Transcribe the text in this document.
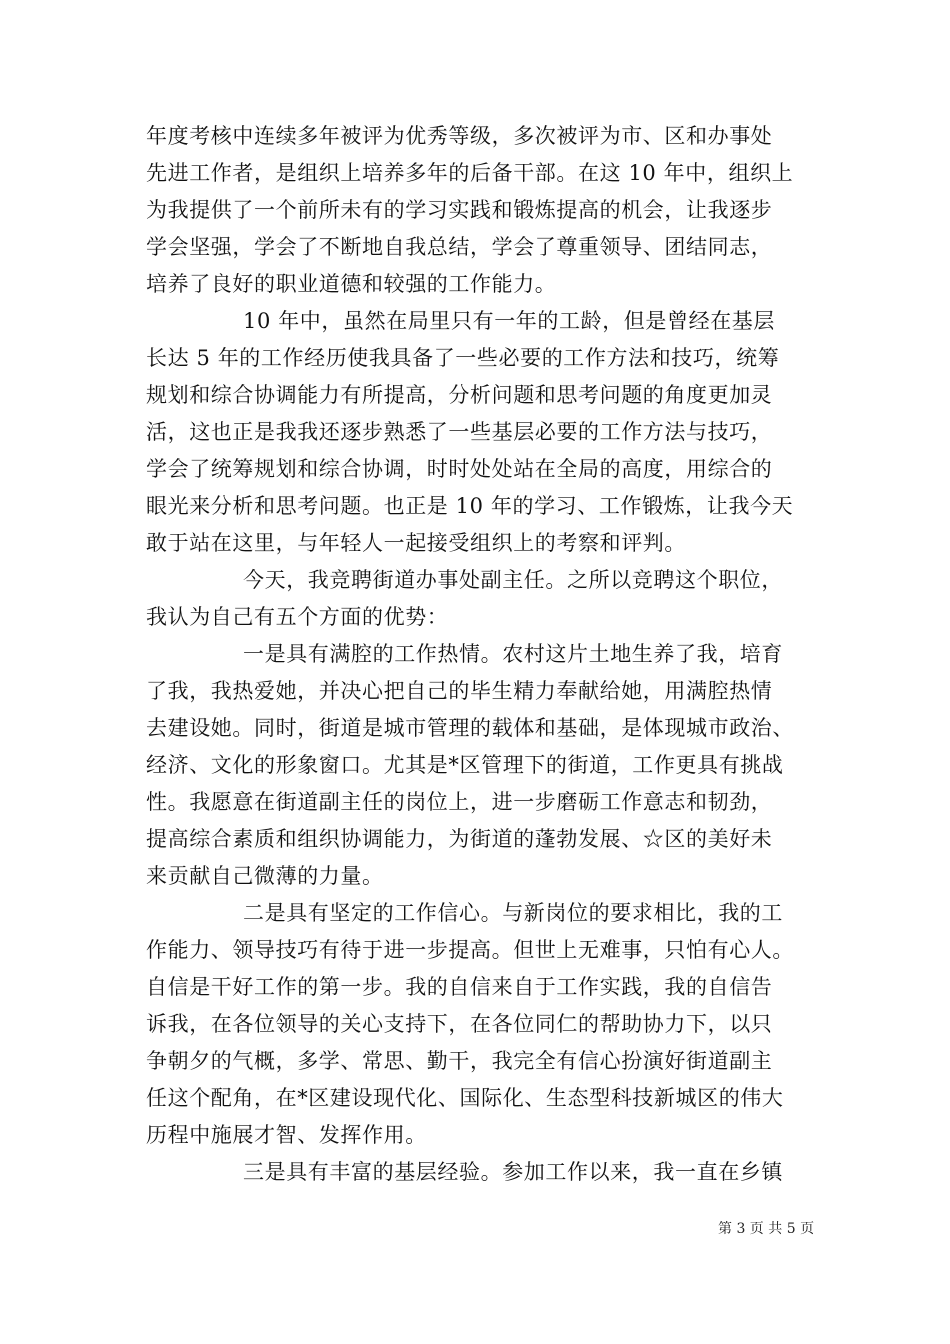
年度考核中连续多年被评为优秀等级，多次被评为市、区和办事处
先进工作者，是组织上培养多年的后备干部。在这 10 年中，组织上
为我提供了一个前所未有的学习实践和锻炼提高的机会，让我逐步
学会坚强，学会了不断地自我总结，学会了尊重领导、团结同志，
培养了良好的职业道德和较强的工作能力。
10 年中，虽然在局里只有一年的工龄，但是曾经在基层
长达 5 年的工作经历使我具备了一些必要的工作方法和技巧，统筹
规划和综合协调能力有所提高，分析问题和思考问题的角度更加灵
活，这也正是我我还逐步熟悉了一些基层必要的工作方法与技巧，
学会了统筹规划和综合协调，时时处处站在全局的高度，用综合的
眼光来分析和思考问题。也正是 10 年的学习、工作锻炼，让我今天
敢于站在这里，与年轻人一起接受组织上的考察和评判。
今天，我竞聘街道办事处副主任。之所以竞聘这个职位，
我认为自己有五个方面的优势：
一是具有满腔的工作热情。农村这片土地生养了我，培育
了我，我热爱她，并决心把自己的毕生精力奉献给她，用满腔热情
去建设她。同时，街道是城市管理的载体和基础，是体现城市政治、
经济、文化的形象窗口。尤其是*区管理下的街道，工作更具有挑战
性。我愿意在街道副主任的岗位上，进一步磨砺工作意志和韧劲，
提高综合素质和组织协调能力，为街道的蓬勃发展、☆区的美好未
来贡献自己微薄的力量。
二是具有坚定的工作信心。与新岗位的要求相比，我的工
作能力、领导技巧有待于进一步提高。但世上无难事，只怕有心人。
自信是干好工作的第一步。我的自信来自于工作实践，我的自信告
诉我，在各位领导的关心支持下，在各位同仁的帮助协力下，以只
争朝夕的气概，多学、常思、勤干，我完全有信心扮演好街道副主
任这个配角，在*区建设现代化、国际化、生态型科技新城区的伟大
历程中施展才智、发挥作用。
三是具有丰富的基层经验。参加工作以来，我一直在乡镇
第 3 页 共 5 页
